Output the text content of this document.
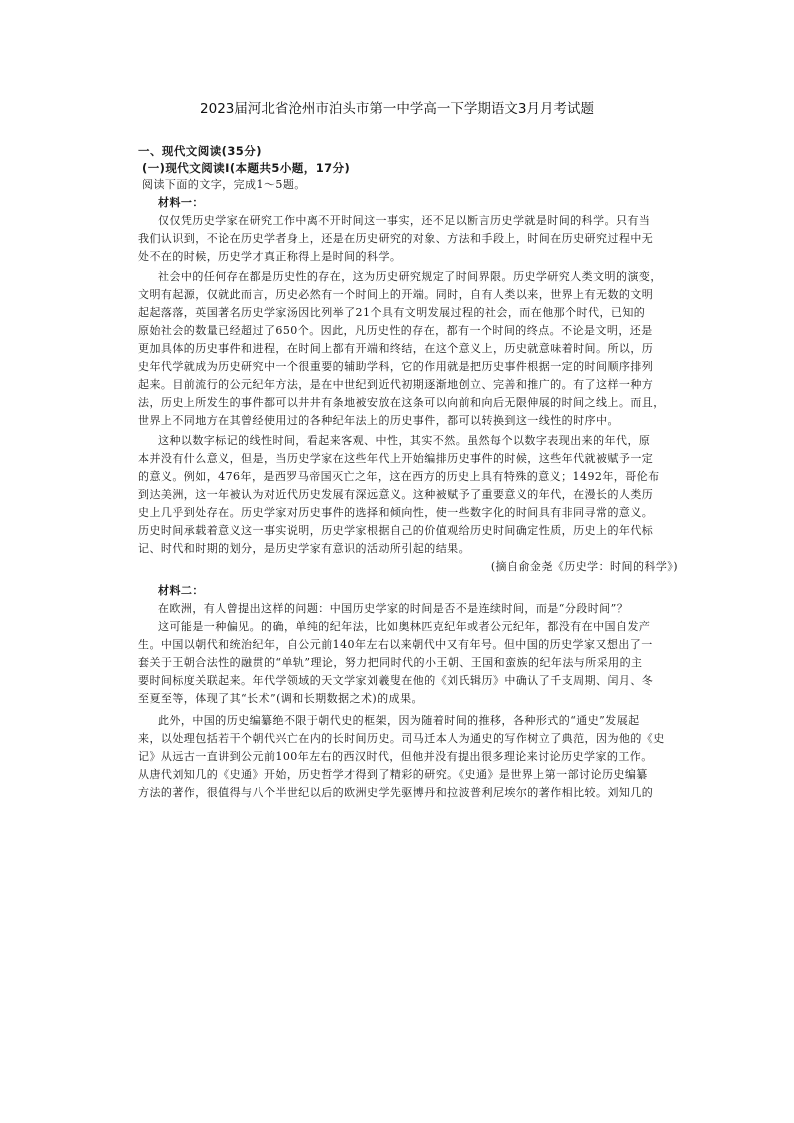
2023届河北省沧州市泊头市第一中学高一下学期语文3月月考试题
一、现代文阅读(35分)
(一)现代文阅读Ⅰ(本题共5小题，17分)
阅读下面的文字，完成1～5题。
材料一：
仅仅凭历史学家在研究工作中离不开时间这一事实，还不足以断言历史学就是时间的科学。只有当
我们认识到，不论在历史学者身上，还是在历史研究的对象、方法和手段上，时间在历史研究过程中无
处不在的时候，历史学才真正称得上是时间的科学。
社会中的任何存在都是历史性的存在，这为历史研究规定了时间界限。历史学研究人类文明的演变，
文明有起源，仅就此而言，历史必然有一个时间上的开端。同时，自有人类以来，世界上有无数的文明
起起落落，英国著名历史学家汤因比列举了21个具有文明发展过程的社会，而在他那个时代，已知的
原始社会的数量已经超过了650个。因此，凡历史性的存在，都有一个时间的终点。不论是文明，还是
更加具体的历史事件和进程，在时间上都有开端和终结，在这个意义上，历史就意味着时间。所以，历
史年代学就成为历史研究中一个很重要的辅助学科，它的作用就是把历史事件根据一定的时间顺序排列
起来。目前流行的公元纪年方法，是在中世纪到近代初期逐渐地创立、完善和推广的。有了这样一种方
法，历史上所发生的事件都可以井井有条地被安放在这条可以向前和向后无限伸展的时间之线上。而且，
世界上不同地方在其曾经使用过的各种纪年法上的历史事件，都可以转换到这一线性的时序中。
这种以数字标记的线性时间，看起来客观、中性，其实不然。虽然每个以数字表现出来的年代，原
本并没有什么意义，但是，当历史学家在这些年代上开始编排历史事件的时候，这些年代就被赋予一定
的意义。例如，476年，是西罗马帝国灭亡之年，这在西方的历史上具有特殊的意义；1492年，哥伦布
到达美洲，这一年被认为对近代历史发展有深远意义。这种被赋予了重要意义的年代，在漫长的人类历
史上几乎到处存在。历史学家对历史事件的选择和倾向性，使一些数字化的时间具有非同寻常的意义。
历史时间承载着意义这一事实说明，历史学家根据自己的价值观给历史时间确定性质，历史上的年代标
记、时代和时期的划分，是历史学家有意识的活动所引起的结果。
(摘自俞金尧《历史学：时间的科学》)
材料二：
在欧洲，有人曾提出这样的问题：中国历史学家的时间是否不是连续时间，而是“分段时间”？
这可能是一种偏见。的确，单纯的纪年法，比如奥林匹克纪年或者公元纪年，都没有在中国自发产
生。中国以朝代和统治纪年，自公元前140年左右以来朝代中又有年号。但中国的历史学家又想出了一
套关于王朝合法性的融贯的“单轨”理论，努力把同时代的小王朝、王国和蛮族的纪年法与所采用的主
要时间标度关联起来。年代学领域的天文学家刘羲叟在他的《刘氏辑历》中确认了千支周期、闰月、冬
至夏至等，体现了其“长术”(调和长期数据之术)的成果。
此外，中国的历史编纂绝不限于朝代史的框架，因为随着时间的推移，各种形式的“通史”发展起
来，以处理包括若干个朝代兴亡在内的长时间历史。司马迁本人为通史的写作树立了典范，因为他的《史
记》从远古一直讲到公元前100年左右的西汉时代，但他并没有提出很多理论来讨论历史学家的工作。
从唐代刘知几的《史通》开始，历史哲学才得到了精彩的研究。《史通》是世界上第一部讨论历史编纂
方法的著作，很值得与八个半世纪以后的欧洲史学先驱博丹和拉波普利尼埃尔的著作相比较。刘知几的
